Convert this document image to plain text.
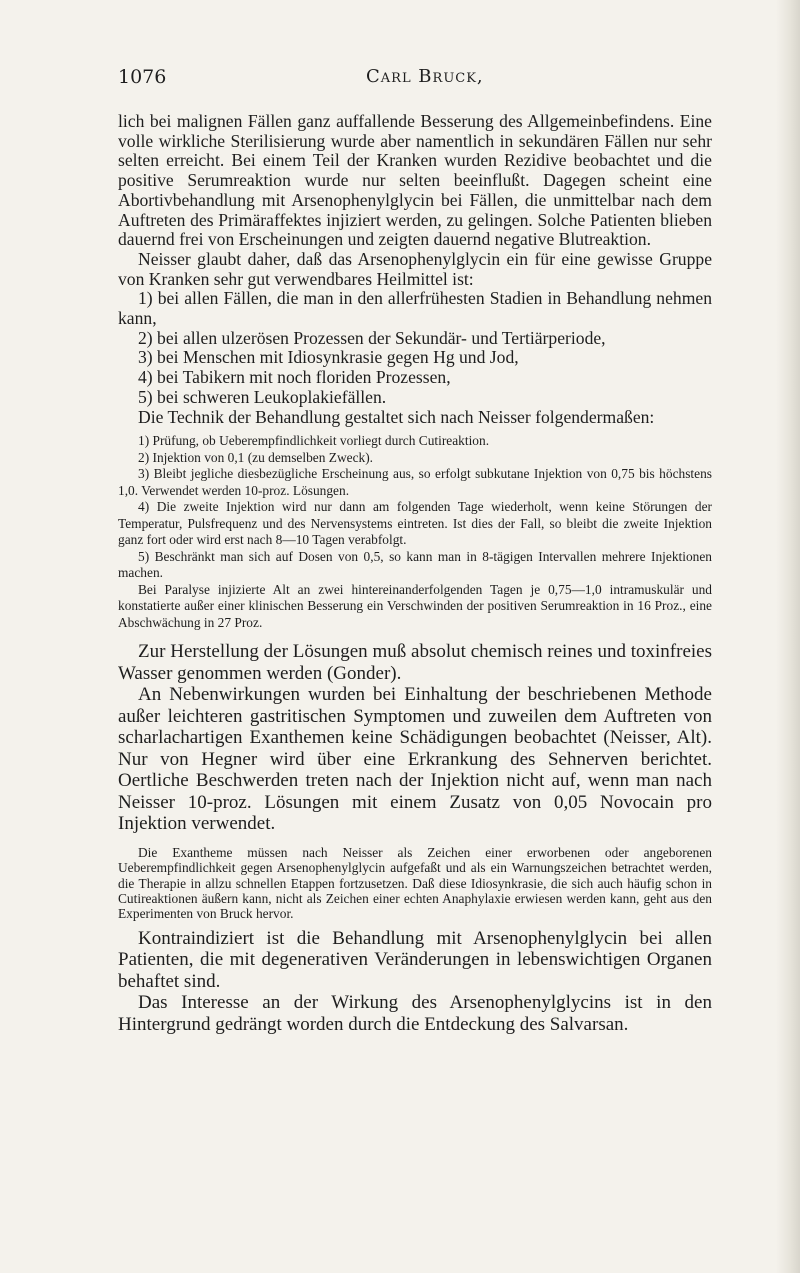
1076	Carl Bruck,

lich bei malignen Fällen ganz auffallende Besserung des Allgemeinbefindens. Eine volle wirkliche Sterilisierung wurde aber namentlich in sekundären Fällen nur sehr selten erreicht. Bei einem Teil der Kranken wurden Rezidive beobachtet und die positive Serumreaktion wurde nur selten beeinflußt. Dagegen scheint eine Abortivbehandlung mit Arsenophenylglycin bei Fällen, die unmittelbar nach dem Auftreten des Primäraffektes injiziert werden, zu gelingen. Solche Patienten blieben dauernd frei von Erscheinungen und zeigten dauernd negative Blutreaktion.

Neisser glaubt daher, daß das Arsenophenylglycin ein für eine gewisse Gruppe von Kranken sehr gut verwendbares Heilmittel ist:

1) bei allen Fällen, die man in den allerfrühesten Stadien in Behandlung nehmen kann,

2) bei allen ulzerösen Prozessen der Sekundär- und Tertiärperiode,

3) bei Menschen mit Idiosynkrasie gegen Hg und Jod,

4) bei Tabikern mit noch floriden Prozessen,

5) bei schweren Leukoplakiefällen.

Die Technik der Behandlung gestaltet sich nach Neisser folgendermaßen:

1) Prüfung, ob Ueberempfindlichkeit vorliegt durch Cutireaktion.

2) Injektion von 0,1 (zu demselben Zweck).

3) Bleibt jegliche diesbezügliche Erscheinung aus, so erfolgt subkutane Injektion von 0,75 bis höchstens 1,0. Verwendet werden 10-proz. Lösungen.

4) Die zweite Injektion wird nur dann am folgenden Tage wiederholt, wenn keine Störungen der Temperatur, Pulsfrequenz und des Nervensystems eintreten. Ist dies der Fall, so bleibt die zweite Injektion ganz fort oder wird erst nach 8—10 Tagen verabfolgt.

5) Beschränkt man sich auf Dosen von 0,5, so kann man in 8-tägigen Intervallen mehrere Injektionen machen.

Bei Paralyse injizierte Alt an zwei hintereinanderfolgenden Tagen je 0,75—1,0 intramuskulär und konstatierte außer einer klinischen Besserung ein Verschwinden der positiven Serumreaktion in 16 Proz., eine Abschwächung in 27 Proz.

Zur Herstellung der Lösungen muß absolut chemisch reines und toxinfreies Wasser genommen werden (Gonder).

An Nebenwirkungen wurden bei Einhaltung der beschriebenen Methode außer leichteren gastritischen Symptomen und zuweilen dem Auftreten von scharlachartigen Exanthemen keine Schädigungen beobachtet (Neisser, Alt). Nur von Hegner wird über eine Erkrankung des Sehnerven berichtet. Oertliche Beschwerden treten nach der Injektion nicht auf, wenn man nach Neisser 10-proz. Lösungen mit einem Zusatz von 0,05 Novocain pro Injektion verwendet.

Die Exantheme müssen nach Neisser als Zeichen einer erworbenen oder angeborenen Ueberempfindlichkeit gegen Arsenophenylglycin aufgefaßt und als ein Warnungszeichen betrachtet werden, die Therapie in allzu schnellen Etappen fortzusetzen. Daß diese Idiosynkrasie, die sich auch häufig schon in Cutireaktionen äußern kann, nicht als Zeichen einer echten Anaphylaxie erwiesen werden kann, geht aus den Experimenten von Bruck hervor.

Kontraindiziert ist die Behandlung mit Arsenophenylglycin bei allen Patienten, die mit degenerativen Veränderungen in lebenswichtigen Organen behaftet sind.

Das Interesse an der Wirkung des Arsenophenylglycins ist in den Hintergrund gedrängt worden durch die Entdeckung des Salvarsan.
